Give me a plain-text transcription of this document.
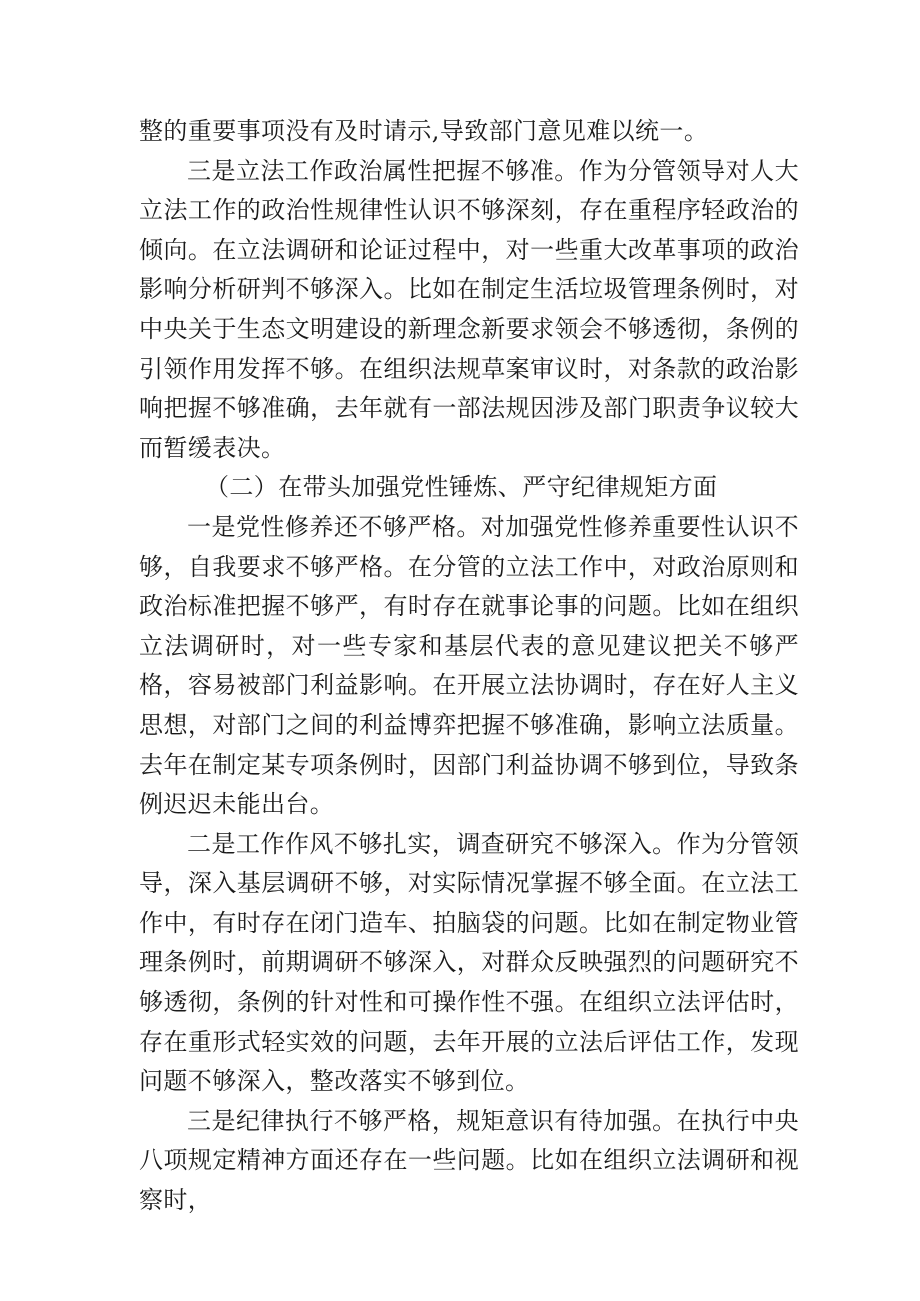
整的重要事项没有及时请示,导致部门意见难以统一。

三是立法工作政治属性把握不够准。作为分管领导对人大立法工作的政治性规律性认识不够深刻，存在重程序轻政治的倾向。在立法调研和论证过程中，对一些重大改革事项的政治影响分析研判不够深入。比如在制定生活垃圾管理条例时，对中央关于生态文明建设的新理念新要求领会不够透彻，条例的引领作用发挥不够。在组织法规草案审议时，对条款的政治影响把握不够准确，去年就有一部法规因涉及部门职责争议较大而暂缓表决。

（二）在带头加强党性锤炼、严守纪律规矩方面

一是党性修养还不够严格。对加强党性修养重要性认识不够，自我要求不够严格。在分管的立法工作中，对政治原则和政治标准把握不够严，有时存在就事论事的问题。比如在组织立法调研时，对一些专家和基层代表的意见建议把关不够严格，容易被部门利益影响。在开展立法协调时，存在好人主义思想，对部门之间的利益博弈把握不够准确，影响立法质量。去年在制定某专项条例时，因部门利益协调不够到位，导致条例迟迟未能出台。

二是工作作风不够扎实，调查研究不够深入。作为分管领导，深入基层调研不够，对实际情况掌握不够全面。在立法工作中，有时存在闭门造车、拍脑袋的问题。比如在制定物业管理条例时，前期调研不够深入，对群众反映强烈的问题研究不够透彻，条例的针对性和可操作性不强。在组织立法评估时，存在重形式轻实效的问题，去年开展的立法后评估工作，发现问题不够深入，整改落实不够到位。

三是纪律执行不够严格，规矩意识有待加强。在执行中央八项规定精神方面还存在一些问题。比如在组织立法调研和视察时，
